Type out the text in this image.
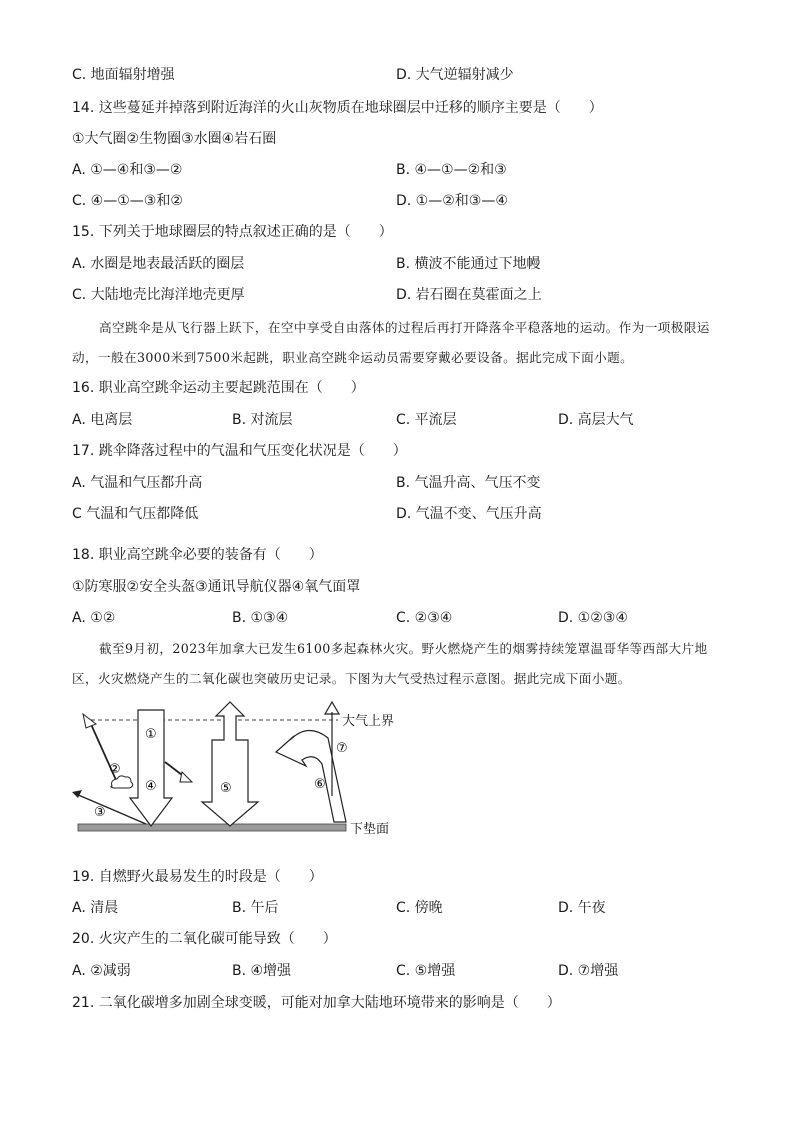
C. 地面辐射增强	D. 大气逆辐射减少
14. 这些蔓延并掉落到附近海洋的火山灰物质在地球圈层中迁移的顺序主要是（　　）
①大气圈②生物圈③水圈④岩石圈
A. ①—④和③—②	B. ④—①—②和③
C. ④—①—③和②	D. ①—②和③—④
15. 下列关于地球圈层的特点叙述正确的是（　　）
A. 水圈是地表最活跃的圈层	B. 横波不能通过下地幔
C. 大陆地壳比海洋地壳更厚	D. 岩石圈在莫霍面之上
高空跳伞是从飞行器上跃下，在空中享受自由落体的过程后再打开降落伞平稳落地的运动。作为一项极限运动，一般在3000米到7500米起跳，职业高空跳伞运动员需要穿戴必要设备。据此完成下面小题。
16. 职业高空跳伞运动主要起跳范围在（　　）
A. 电离层	B. 对流层	C. 平流层	D. 高层大气
17. 跳伞降落过程中的气温和气压变化状况是（　　）
A. 气温和气压都升高	B. 气温升高、气压不变
C 气温和气压都降低	D. 气温不变、气压升高
18. 职业高空跳伞必要的装备有（　　）
①防寒服②安全头盔③通讯导航仪器④氧气面罩
A. ①②	B. ①③④	C. ②③④	D. ①②③④
截至9月初，2023年加拿大已发生6100多起森林火灾。野火燃烧产生的烟雾持续笼罩温哥华等西部大片地区，火灾燃烧产生的二氧化碳也突破历史记录。下图为大气受热过程示意图。据此完成下面小题。
大气上界
下垫面
①
④
②
③
⑤	⑥
⑦
19. 自燃野火最易发生的时段是（　　）
A. 清晨	B. 午后	C. 傍晚	D. 午夜
20. 火灾产生的二氧化碳可能导致（　　）
A. ②减弱	B. ④增强	C. ⑤增强	D. ⑦增强
21. 二氧化碳增多加剧全球变暖，可能对加拿大陆地环境带来的影响是（　　）
